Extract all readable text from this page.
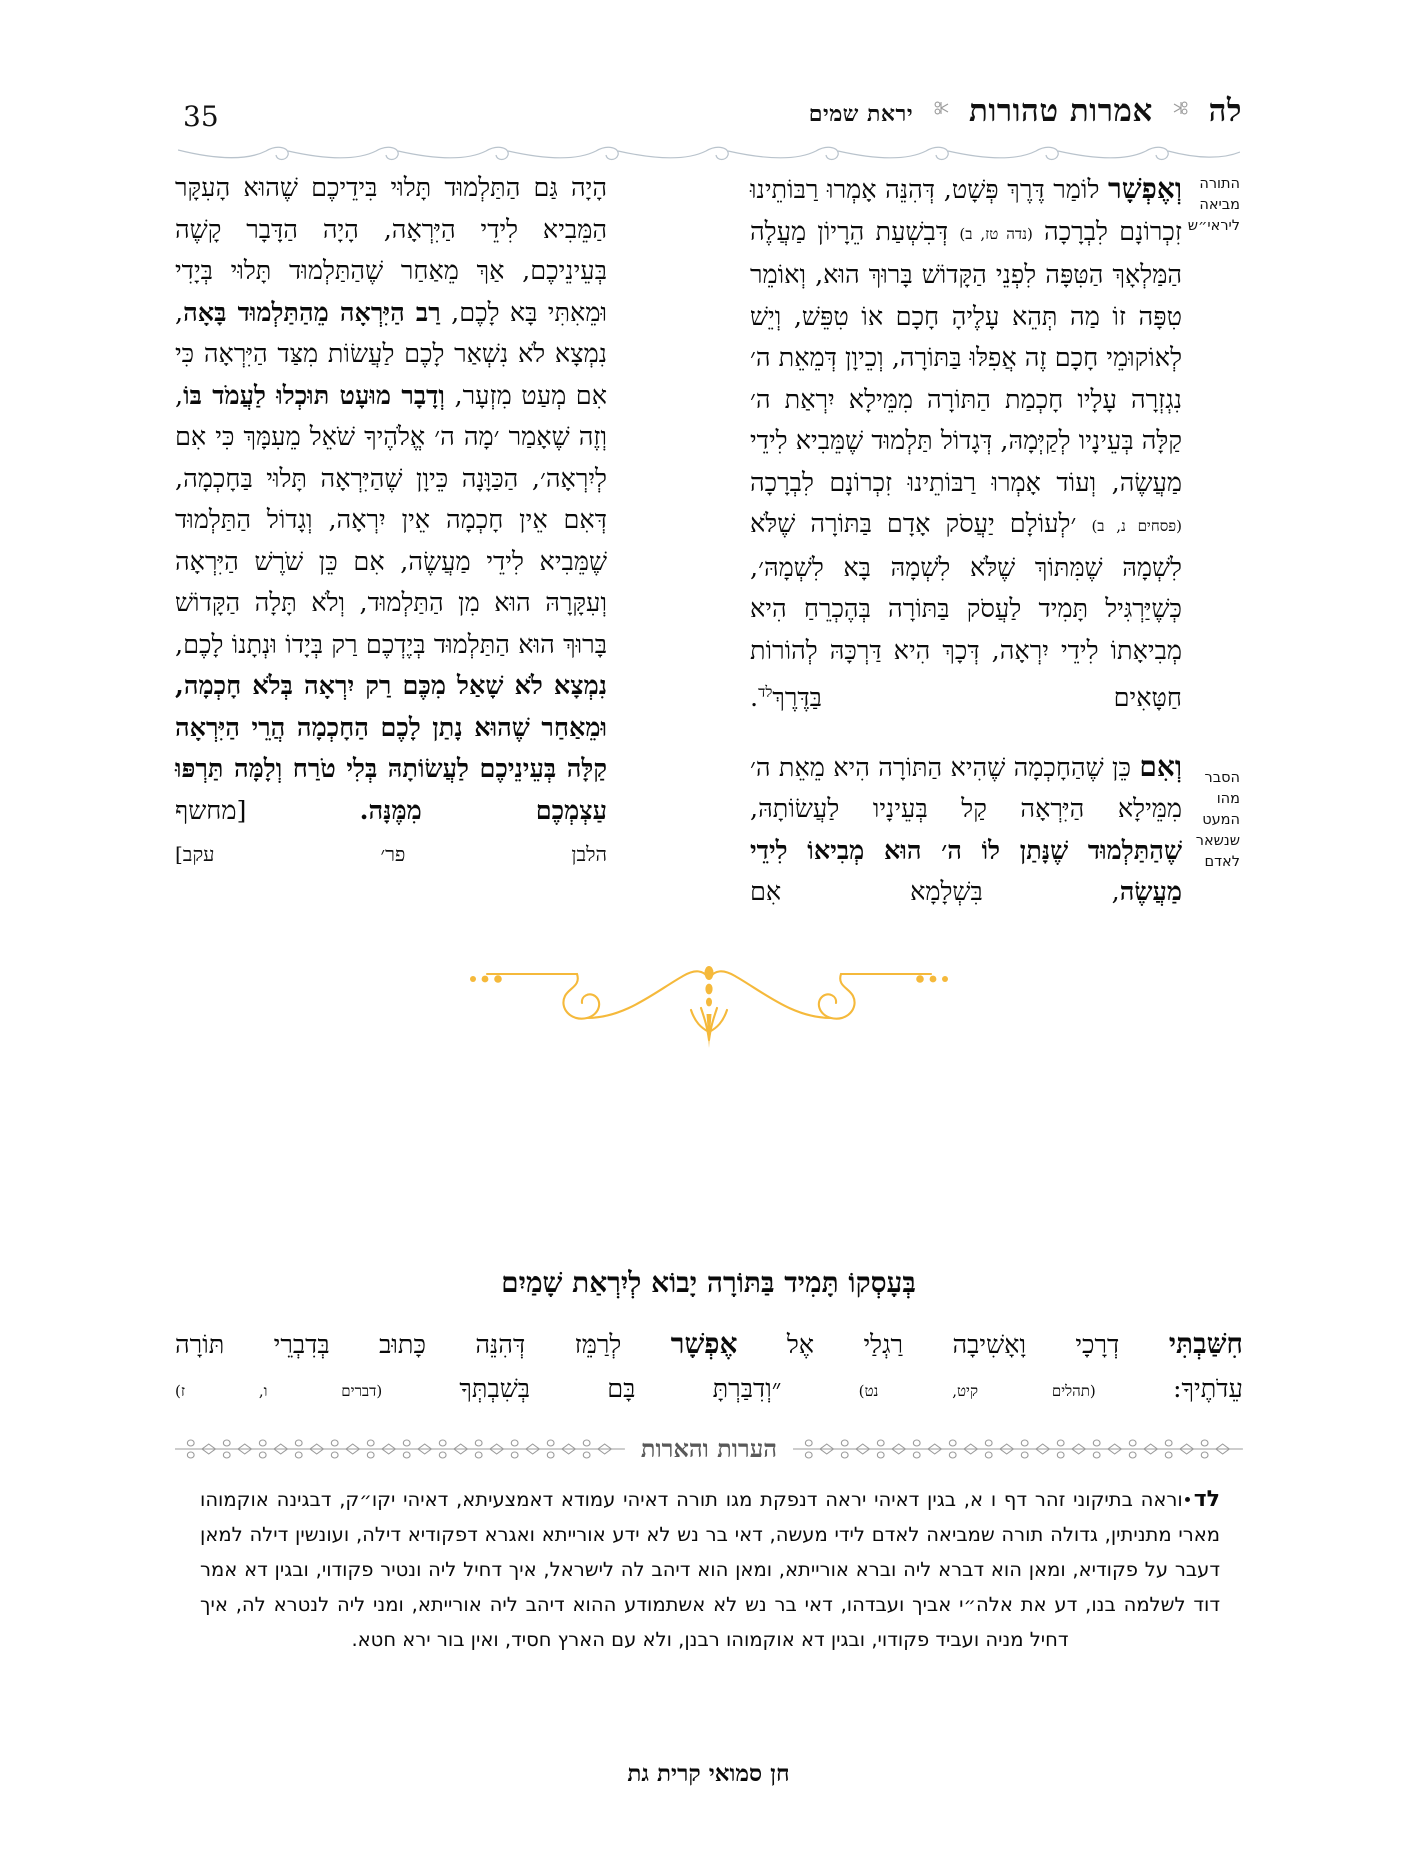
לה  אמרות טהורות  יראת שמים
35

וְאֶפְשָׁר לוֹמַר דֶּרֶךְ פְּשָׁט, דְּהִנֵּה אָמְרוּ רַבּוֹתֵינוּ זִכְרוֹנָם לִבְרָכָה (נדה טז, ב) דְּבִשְׁעַת הֵרָיוֹן מַעֲלֶה הַמַּלְאָךְ הַטִּפָּה לִפְנֵי הַקָּדוֹשׁ בָּרוּךְ הוּא, וְאוֹמֵר טִפָּה זוֹ מַה תְּהֵא עָלֶיהָ חָכָם אוֹ טִפֵּשׁ, וְיֵשׁ לְאוֹקוּמֵי חָכָם זֶה אֲפִלּוּ בַּתּוֹרָה, וְכֵיוָן דְּמֵאֵת ה׳ נִגְזְרָה עָלָיו חָכְמַת הַתּוֹרָה מִמֵּילָא יִרְאַת ה׳ קַלָּה בְּעֵינָיו לְקַיְּמָהּ, דְּגָדוֹל תַּלְמוּד שֶׁמֵּבִיא לִידֵי מַעֲשֶׂה, וְעוֹד אָמְרוּ רַבּוֹתֵינוּ זִכְרוֹנָם לִבְרָכָה (פסחים נ, ב) ׳לְעוֹלָם יַעֲסֹק אָדָם בַּתּוֹרָה שֶׁלֹּא לִשְׁמָהּ שֶׁמִּתּוֹךְ שֶׁלֹּא לִשְׁמָהּ בָּא לִשְׁמָהּ׳, כְּשֶׁיַּרְגִּיל תָּמִיד לַעֲסֹק בַּתּוֹרָה בְּהֶכְרֵחַ הִיא מְבִיאָתוֹ לִידֵי יִרְאָה, דְּכָךְ הִיא דַּרְכָּהּ לְהוֹרוֹת חַטָּאִים בַּדֶּרֶךְ$^{לד}$.

וְאִם כֵּן שֶׁהַחָכְמָה שֶׁהִיא הַתּוֹרָה הִיא מֵאֵת ה׳ מִמֵּילָא הַיִּרְאָה קַל בְּעֵינָיו לַעֲשׂוֹתָהּ, שֶׁהַתַּלְמוּד שֶׁנָּתַן לוֹ ה׳ הוּא מְבִיאוֹ לִידֵי מַעֲשֶׂה, בִּשְׁלָמָא אִם

התורה
מביאה
ליראי״ש
הסבר
מהו
המעט
שנשאר
לאדם

הָיָה גַּם הַתַּלְמוּד תָּלוּי בִּידֵיכֶם שֶׁהוּא הָעִקָּר הַמֵּבִיא לִידֵי הַיִּרְאָה, הָיָה הַדָּבָר קָשֶׁה בְּעֵינֵיכֶם, אַךְ מֵאַחַר שֶׁהַתַּלְמוּד תָּלוּי בְּיָדִי וּמֵאִתִּי בָּא לָכֶם, רַב הַיִּרְאָה מֵהַתַּלְמוּד בָּאָה, נִמְצָא לֹא נִשְׁאַר לָכֶם לַעֲשׂוֹת מִצַּד הַיִּרְאָה כִּי אִם מְעַט מִזְעָר, וְדָבָר מוּעָט תּוּכְלוּ לַעֲמֹד בּוֹ, וְזֶה שֶׁאָמַר ׳מָה ה׳ אֱלֹהֶיךָ שֹׁאֵל מֵעִמָּךְ כִּי אִם לְיִרְאָה׳, הַכַּוָּנָה כֵּיוָן שֶׁהַיִּרְאָה תָּלוּי בַּחָכְמָה, דְּאִם אֵין חָכְמָה אֵין יִרְאָה, וְגָדוֹל הַתַּלְמוּד שֶׁמֵּבִיא לִידֵי מַעֲשֶׂה, אִם כֵּן שֹׁרֶשׁ הַיִּרְאָה וְעִקָּרָהּ הוּא מִן הַתַּלְמוּד, וְלֹא תָּלָה הַקָּדוֹשׁ בָּרוּךְ הוּא הַתַּלְמוּד בְּיֶדְכֶם רַק בְּיָדוֹ וּנְתָנוֹ לָכֶם, נִמְצָא לֹא שָׁאַל מִכֶּם רַק יִרְאָה בְּלֹא חָכְמָה, וּמֵאַחַר שֶׁהוּא נָתַן לָכֶם הַחָכְמָה הֲרֵי הַיִּרְאָה קַלָּה בְּעֵינֵיכֶם לַעֲשׂוֹתָהּ בְּלִי טֹרַח וְלָמָּה תַּרְפּוּ עַצְמְכֶם מִמֶּנָּה. [מחשף

הלבן פר׳ עקב]

בְּעָסְקוֹ תָּמִיד בַּתּוֹרָה יָבוֹא לְיִרְאַת שָׁמַיִם

חִשַּׁבְתִּי דְרָכָי וָאָשִׁיבָה רַגְלַי אֶל אֶפְשָׁר לְרַמֵּז דְּהִנֵּה כָּתוּב בְּדִבְרֵי תּוֹרָה

עֵדֹתֶיךָ: (תהלים קיט, נט) ״וְדִבַּרְתָּ בָּם בְּשִׁבְתְּךָ (דברים ו, ז)

הערות והארות

לדוראה בתיקוני זהר דף ו א, בגין דאיהי יראה דנפקת מגו תורה דאיהי עמודא דאמצעיתא, דאיהי יקו״ק, דבגינה אוקמוהו מארי מתניתין, גדולה תורה שמביאה לאדם לידי מעשה, דאי בר נש לא ידע אורייתא ואגרא דפקודיא דילה, ועונשין דילה למאן דעבר על פקודיא, ומאן הוא דברא ליה וברא אורייתא, ומאן הוא דיהב לה לישראל, איך דחיל ליה ונטיר פקודוי, ובגין דא אמר דוד לשלמה בנו, דע את אלה״י אביך ועבדהו, דאי בר נש לא אשתמודע ההוא דיהב ליה אורייתא, ומני ליה לנטרא לה, איך דחיל מניה ועביד פקודוי, ובגין דא אוקמוהו רבנן, ולא עם הארץ חסיד, ואין בור ירא חטא.

חן סמואי קרית גת
